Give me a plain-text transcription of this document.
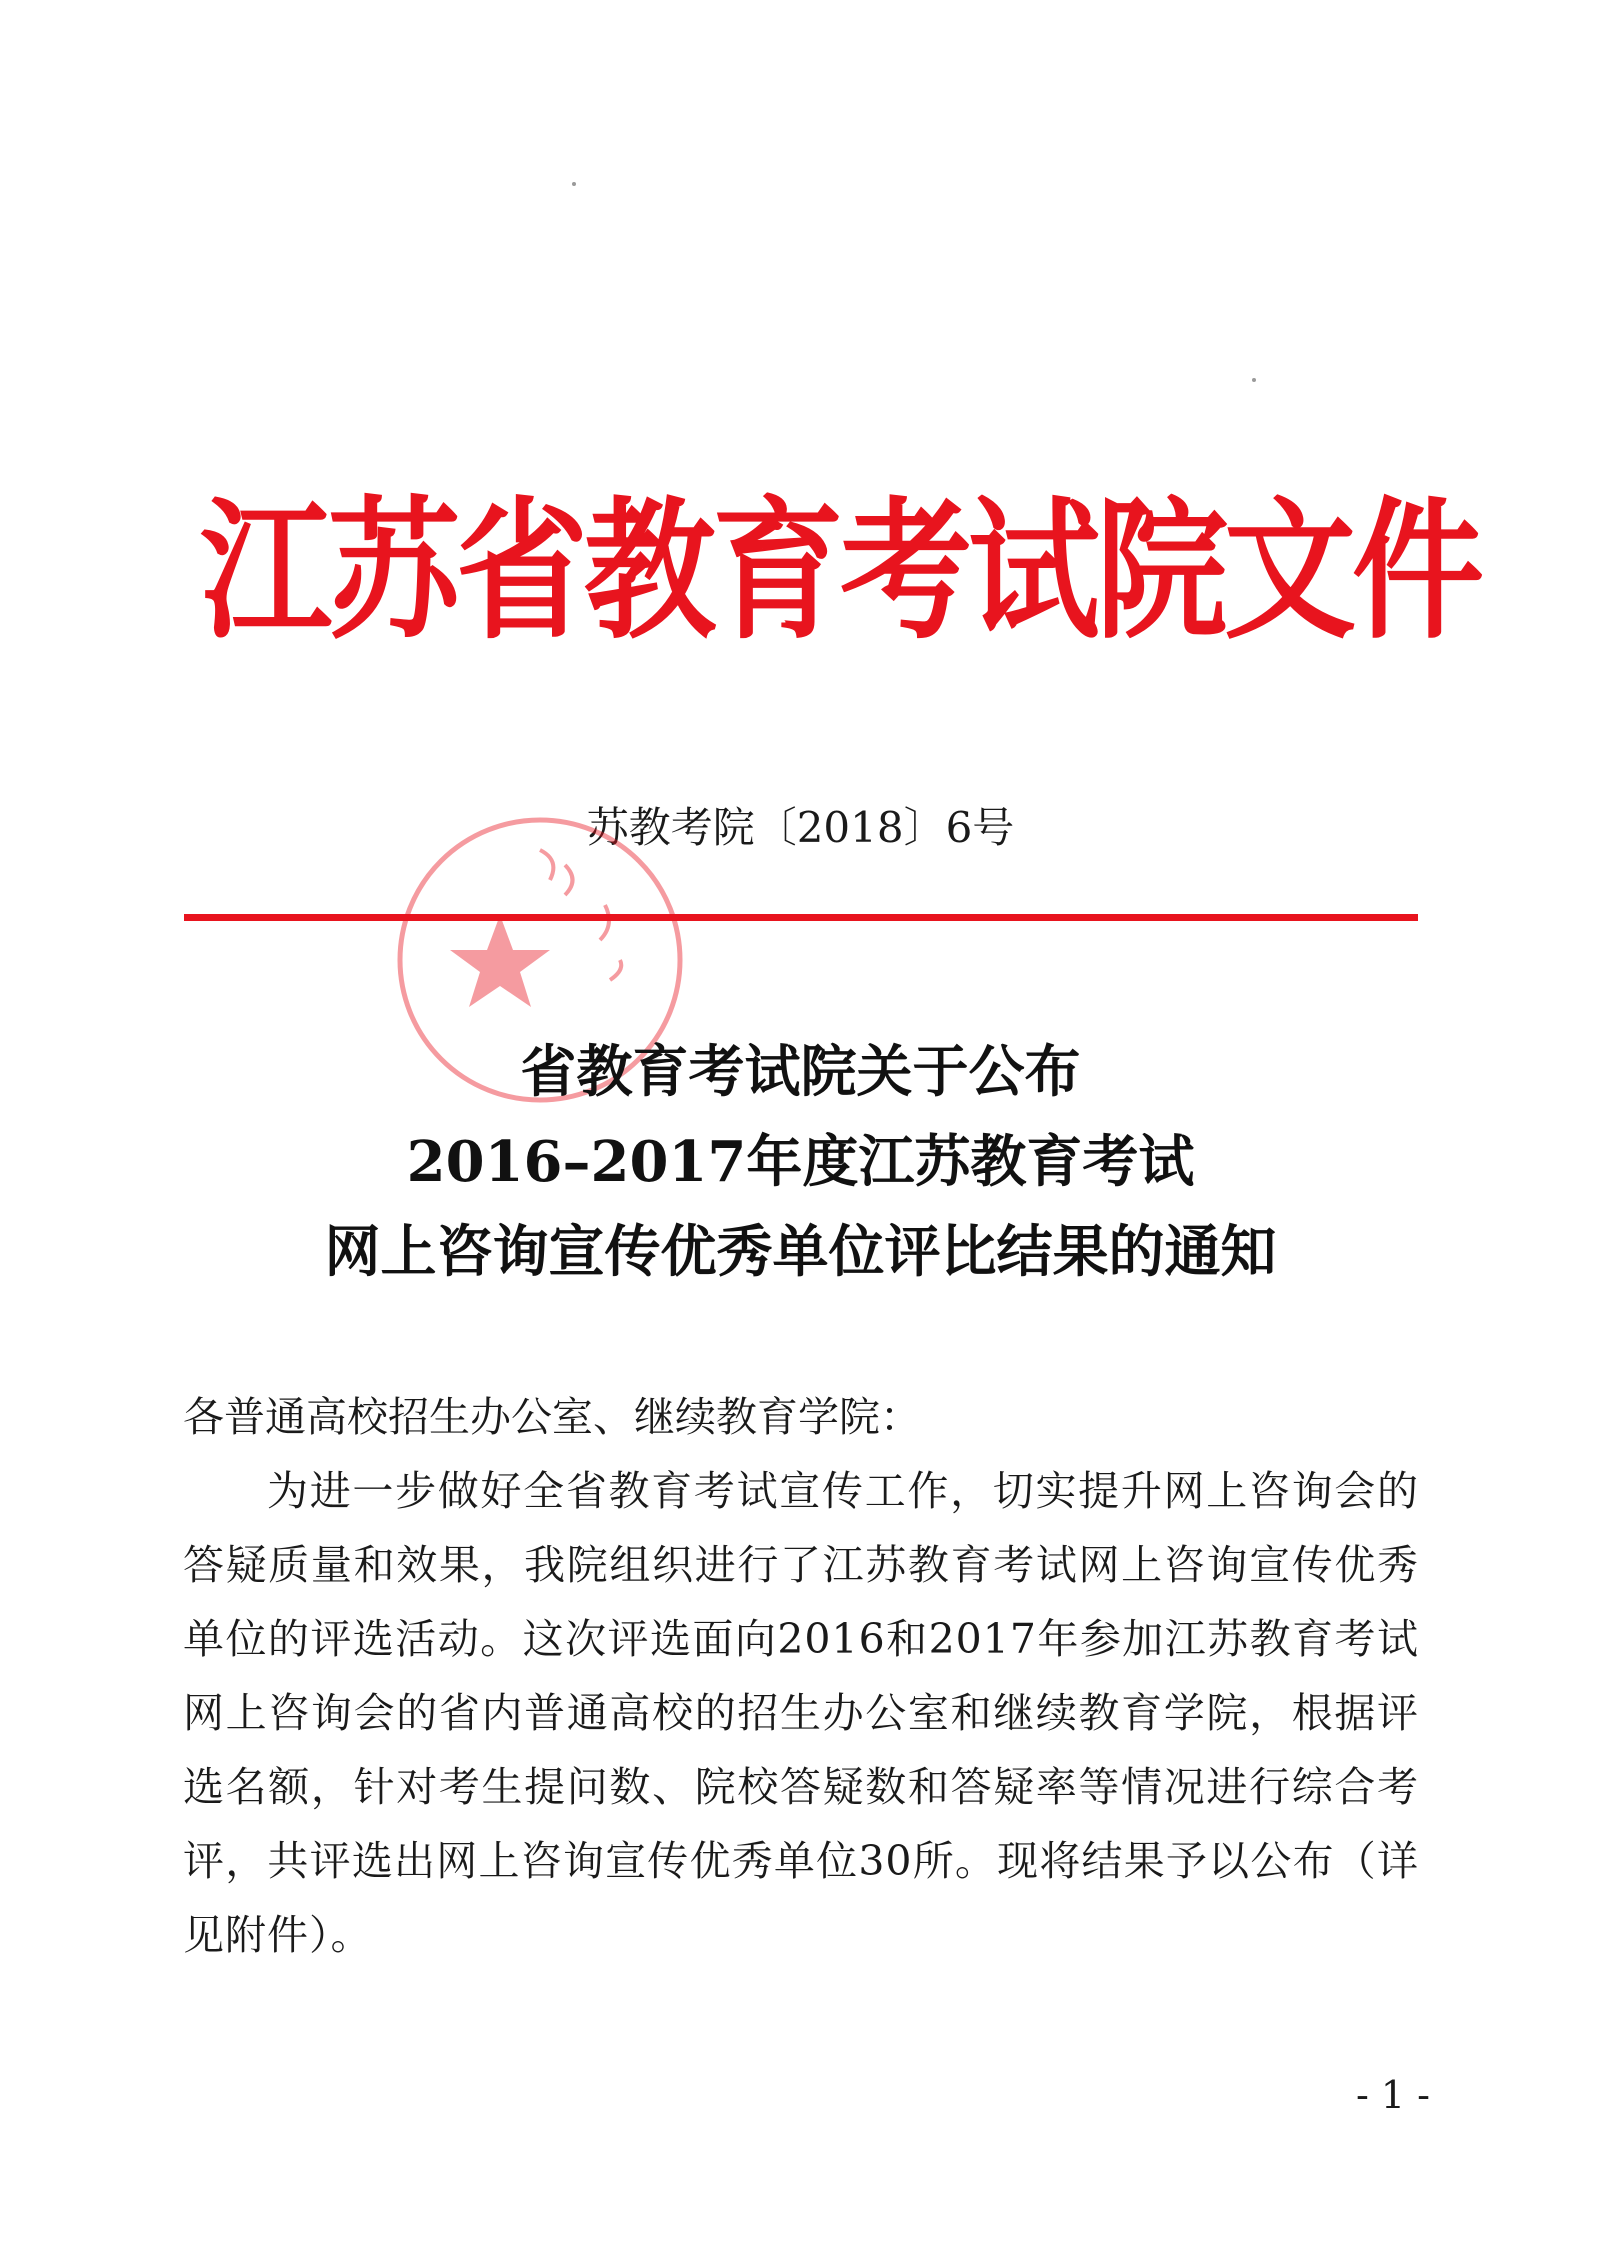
江苏省教育考试院文件
苏教考院〔2018〕6号
省教育考试院关于公布
2016–2017年度江苏教育考试
网上咨询宣传优秀单位评比结果的通知
各普通高校招生办公室、继续教育学院：
为进一步做好全省教育考试宣传工作，切实提升网上咨询会的答疑质量和效果，我院组织进行了江苏教育考试网上咨询宣传优秀单位的评选活动。这次评选面向2016和2017年参加江苏教育考试网上咨询会的省内普通高校的招生办公室和继续教育学院，根据评选名额，针对考生提问数、院校答疑数和答疑率等情况进行综合考评，共评选出网上咨询宣传优秀单位30所。现将结果予以公布（详见附件）。
- 1 -
